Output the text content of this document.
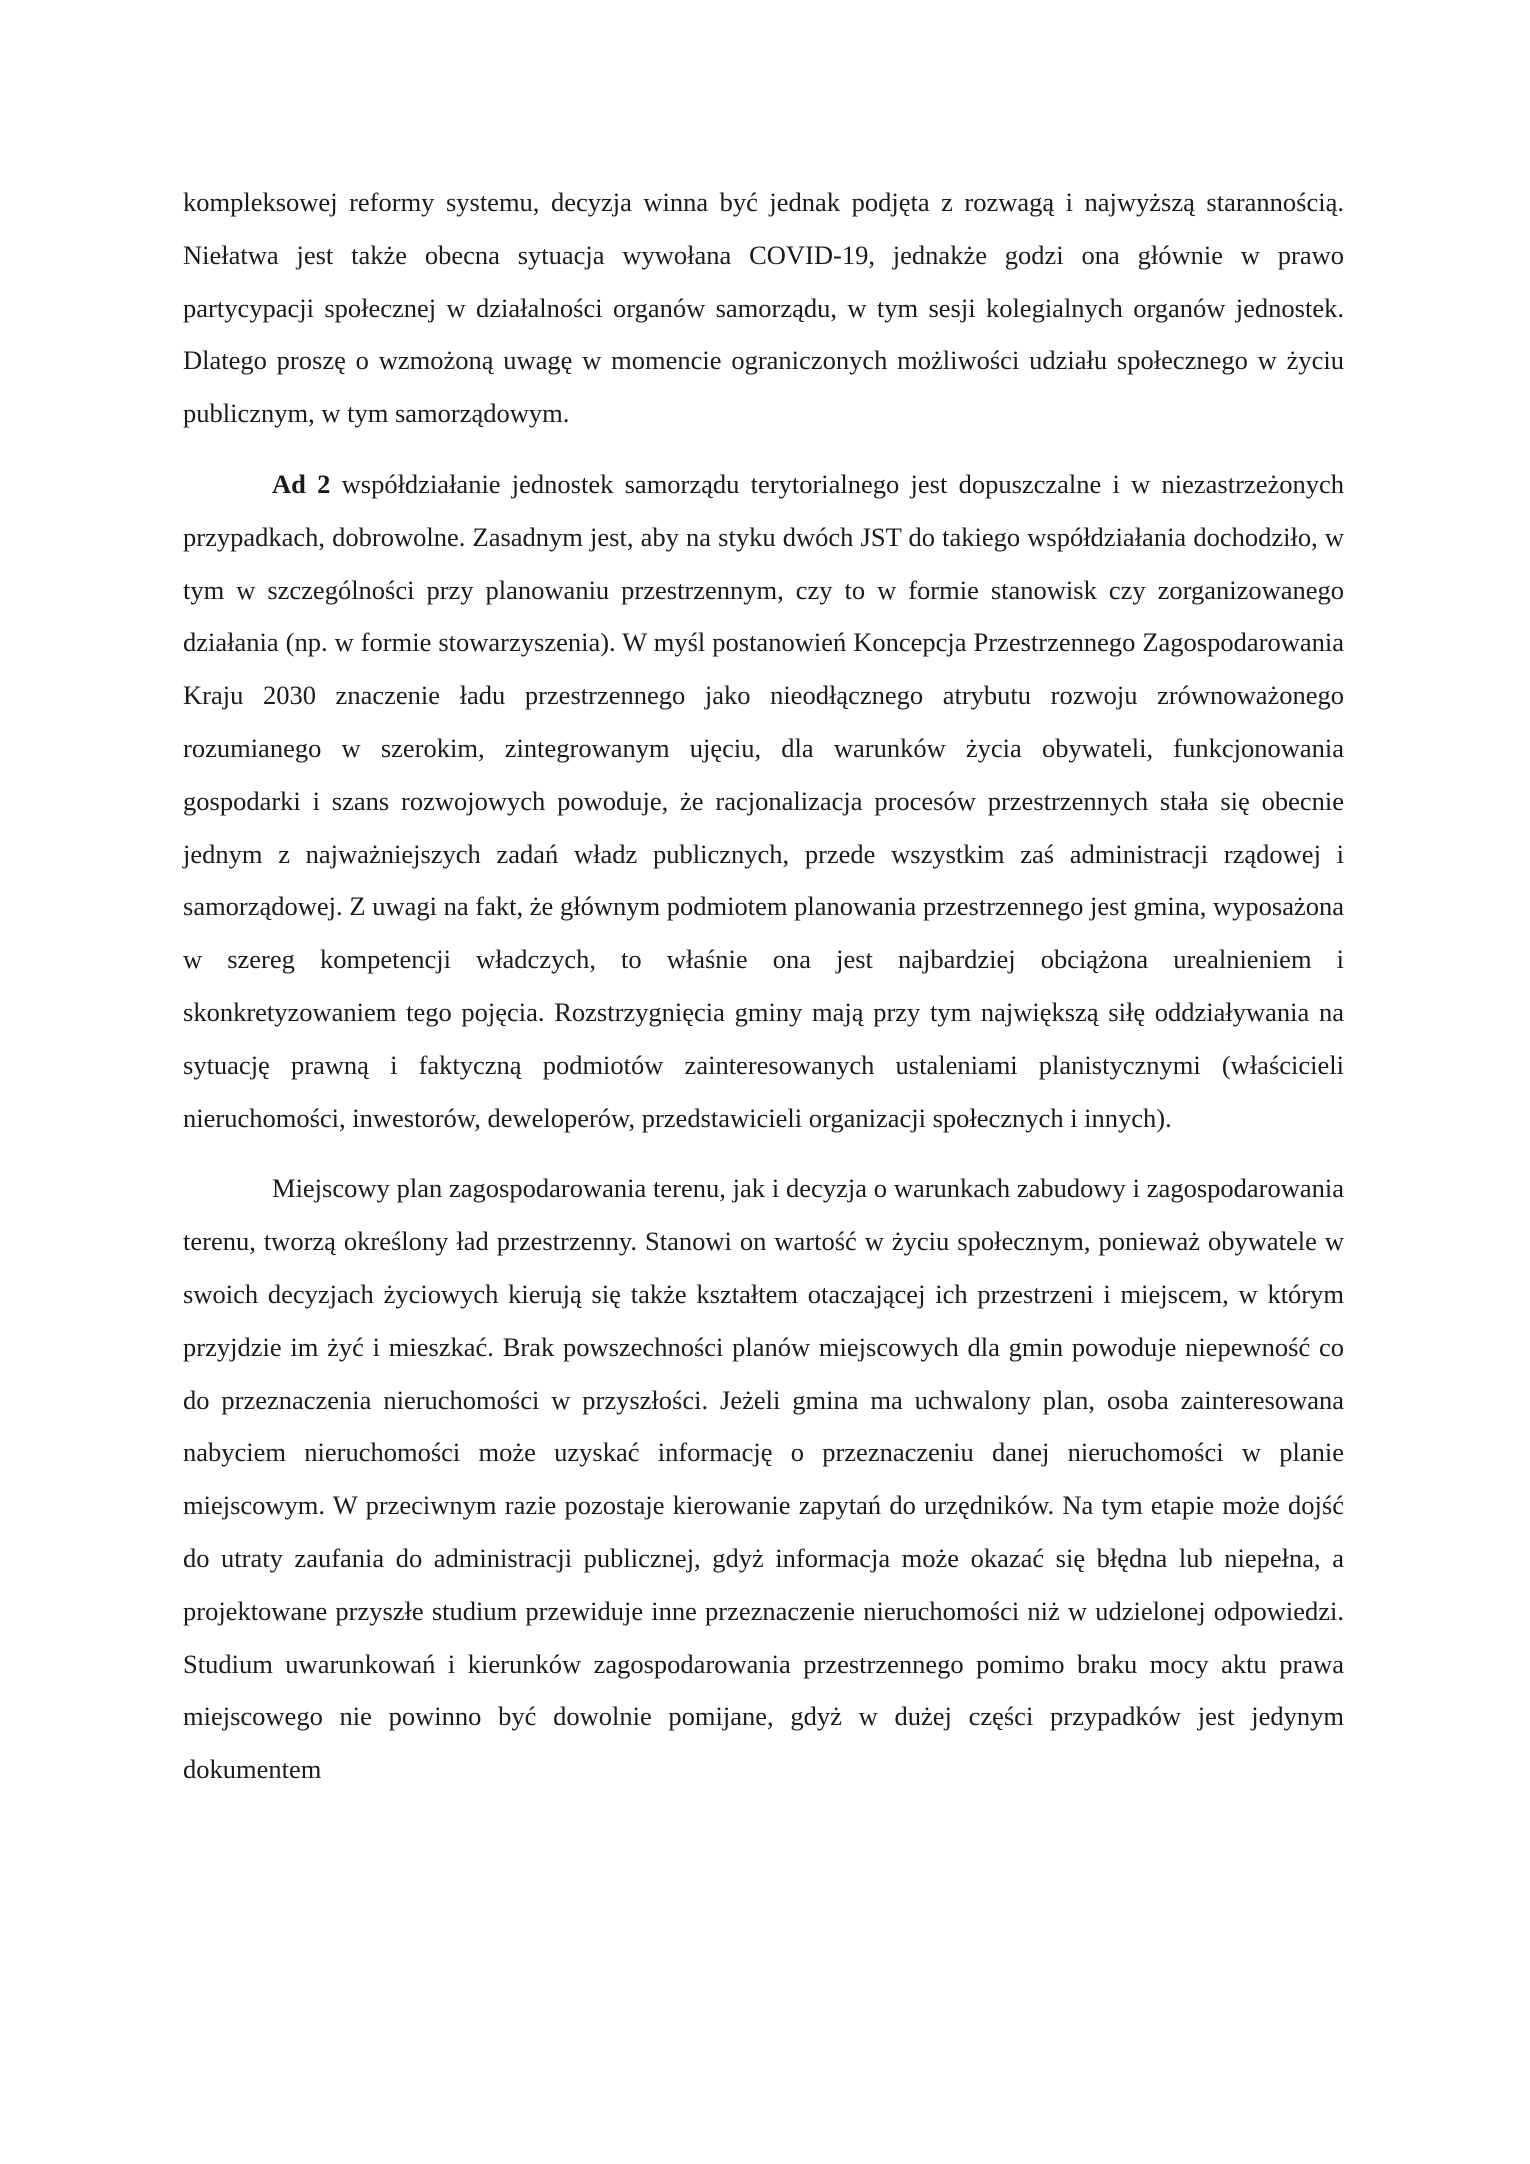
kompleksowej reformy systemu, decyzja winna być jednak podjęta z rozwagą i najwyższą starannością. Niełatwa jest także obecna sytuacja wywołana COVID-19, jednakże godzi ona głównie w prawo partycypacji społecznej w działalności organów samorządu, w tym sesji kolegialnych organów jednostek. Dlatego proszę o wzmożoną uwagę w momencie ograniczonych możliwości udziału społecznego w życiu publicznym, w tym samorządowym.

Ad 2 współdziałanie jednostek samorządu terytorialnego jest dopuszczalne i w niezastrzeżonych przypadkach, dobrowolne. Zasadnym jest, aby na styku dwóch JST do takiego współdziałania dochodziło, w tym w szczególności przy planowaniu przestrzennym, czy to w formie stanowisk czy zorganizowanego działania (np. w formie stowarzyszenia). W myśl postanowień Koncepcja Przestrzennego Zagospodarowania Kraju 2030 znaczenie ładu przestrzennego jako nieodłącznego atrybutu rozwoju zrównoważonego rozumianego w szerokim, zintegrowanym ujęciu, dla warunków życia obywateli, funkcjonowania gospodarki i szans rozwojowych powoduje, że racjonalizacja procesów przestrzennych stała się obecnie jednym z najważniejszych zadań władz publicznych, przede wszystkim zaś administracji rządowej i samorządowej. Z uwagi na fakt, że głównym podmiotem planowania przestrzennego jest gmina, wyposażona w szereg kompetencji władczych, to właśnie ona jest najbardziej obciążona urealnieniem i skonkretyzowaniem tego pojęcia. Rozstrzygnięcia gminy mają przy tym największą siłę oddziaływania na sytuację prawną i faktyczną podmiotów zainteresowanych ustaleniami planistycznymi (właścicieli nieruchomości, inwestorów, deweloperów, przedstawicieli organizacji społecznych i innych).

Miejscowy plan zagospodarowania terenu, jak i decyzja o warunkach zabudowy i zagospodarowania terenu, tworzą określony ład przestrzenny. Stanowi on wartość w życiu społecznym, ponieważ obywatele w swoich decyzjach życiowych kierują się także kształtem otaczającej ich przestrzeni i miejscem, w którym przyjdzie im żyć i mieszkać. Brak powszechności planów miejscowych dla gmin powoduje niepewność co do przeznaczenia nieruchomości w przyszłości. Jeżeli gmina ma uchwalony plan, osoba zainteresowana nabyciem nieruchomości może uzyskać informację o przeznaczeniu danej nieruchomości w planie miejscowym. W przeciwnym razie pozostaje kierowanie zapytań do urzędników. Na tym etapie może dojść do utraty zaufania do administracji publicznej, gdyż informacja może okazać się błędna lub niepełna, a projektowane przyszłe studium przewiduje inne przeznaczenie nieruchomości niż w udzielonej odpowiedzi. Studium uwarunkowań i kierunków zagospodarowania przestrzennego pomimo braku mocy aktu prawa miejscowego nie powinno być dowolnie pomijane, gdyż w dużej części przypadków jest jedynym dokumentem
